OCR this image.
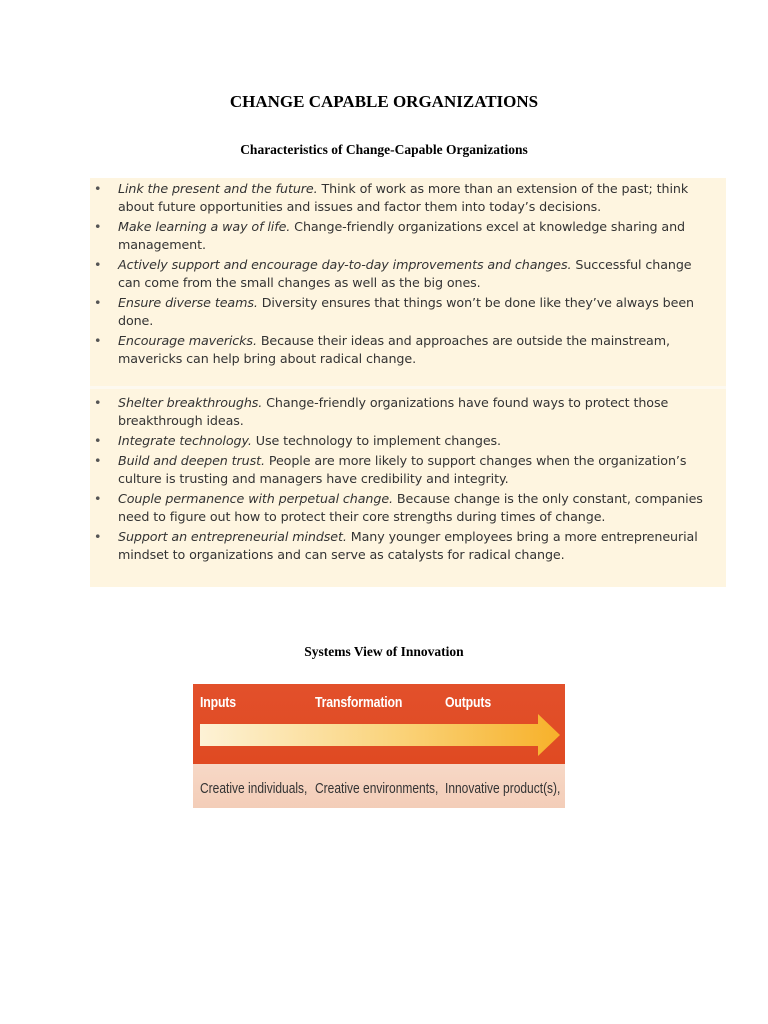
CHANGE CAPABLE ORGANIZATIONS
Characteristics of Change-Capable Organizations
• Link the present and the future. Think of work as more than an extension of the past; think about future opportunities and issues and factor them into today’s decisions.
• Make learning a way of life. Change-friendly organizations excel at knowledge sharing and management.
• Actively support and encourage day-to-day improvements and changes. Successful change can come from the small changes as well as the big ones.
• Ensure diverse teams. Diversity ensures that things won’t be done like they’ve always been done.
• Encourage mavericks. Because their ideas and approaches are outside the mainstream, mavericks can help bring about radical change.
• Shelter breakthroughs. Change-friendly organizations have found ways to protect those breakthrough ideas.
• Integrate technology. Use technology to implement changes.
• Build and deepen trust. People are more likely to support changes when the organization’s culture is trusting and managers have credibility and integrity.
• Couple permanence with perpetual change. Because change is the only constant, companies need to figure out how to protect their core strengths during times of change.
• Support an entrepreneurial mindset. Many younger employees bring a more entrepreneurial mindset to organizations and can serve as catalysts for radical change.
Systems View of Innovation
Inputs	Transformation	Outputs
Creative individuals, Creative environments, Innovative product(s),
